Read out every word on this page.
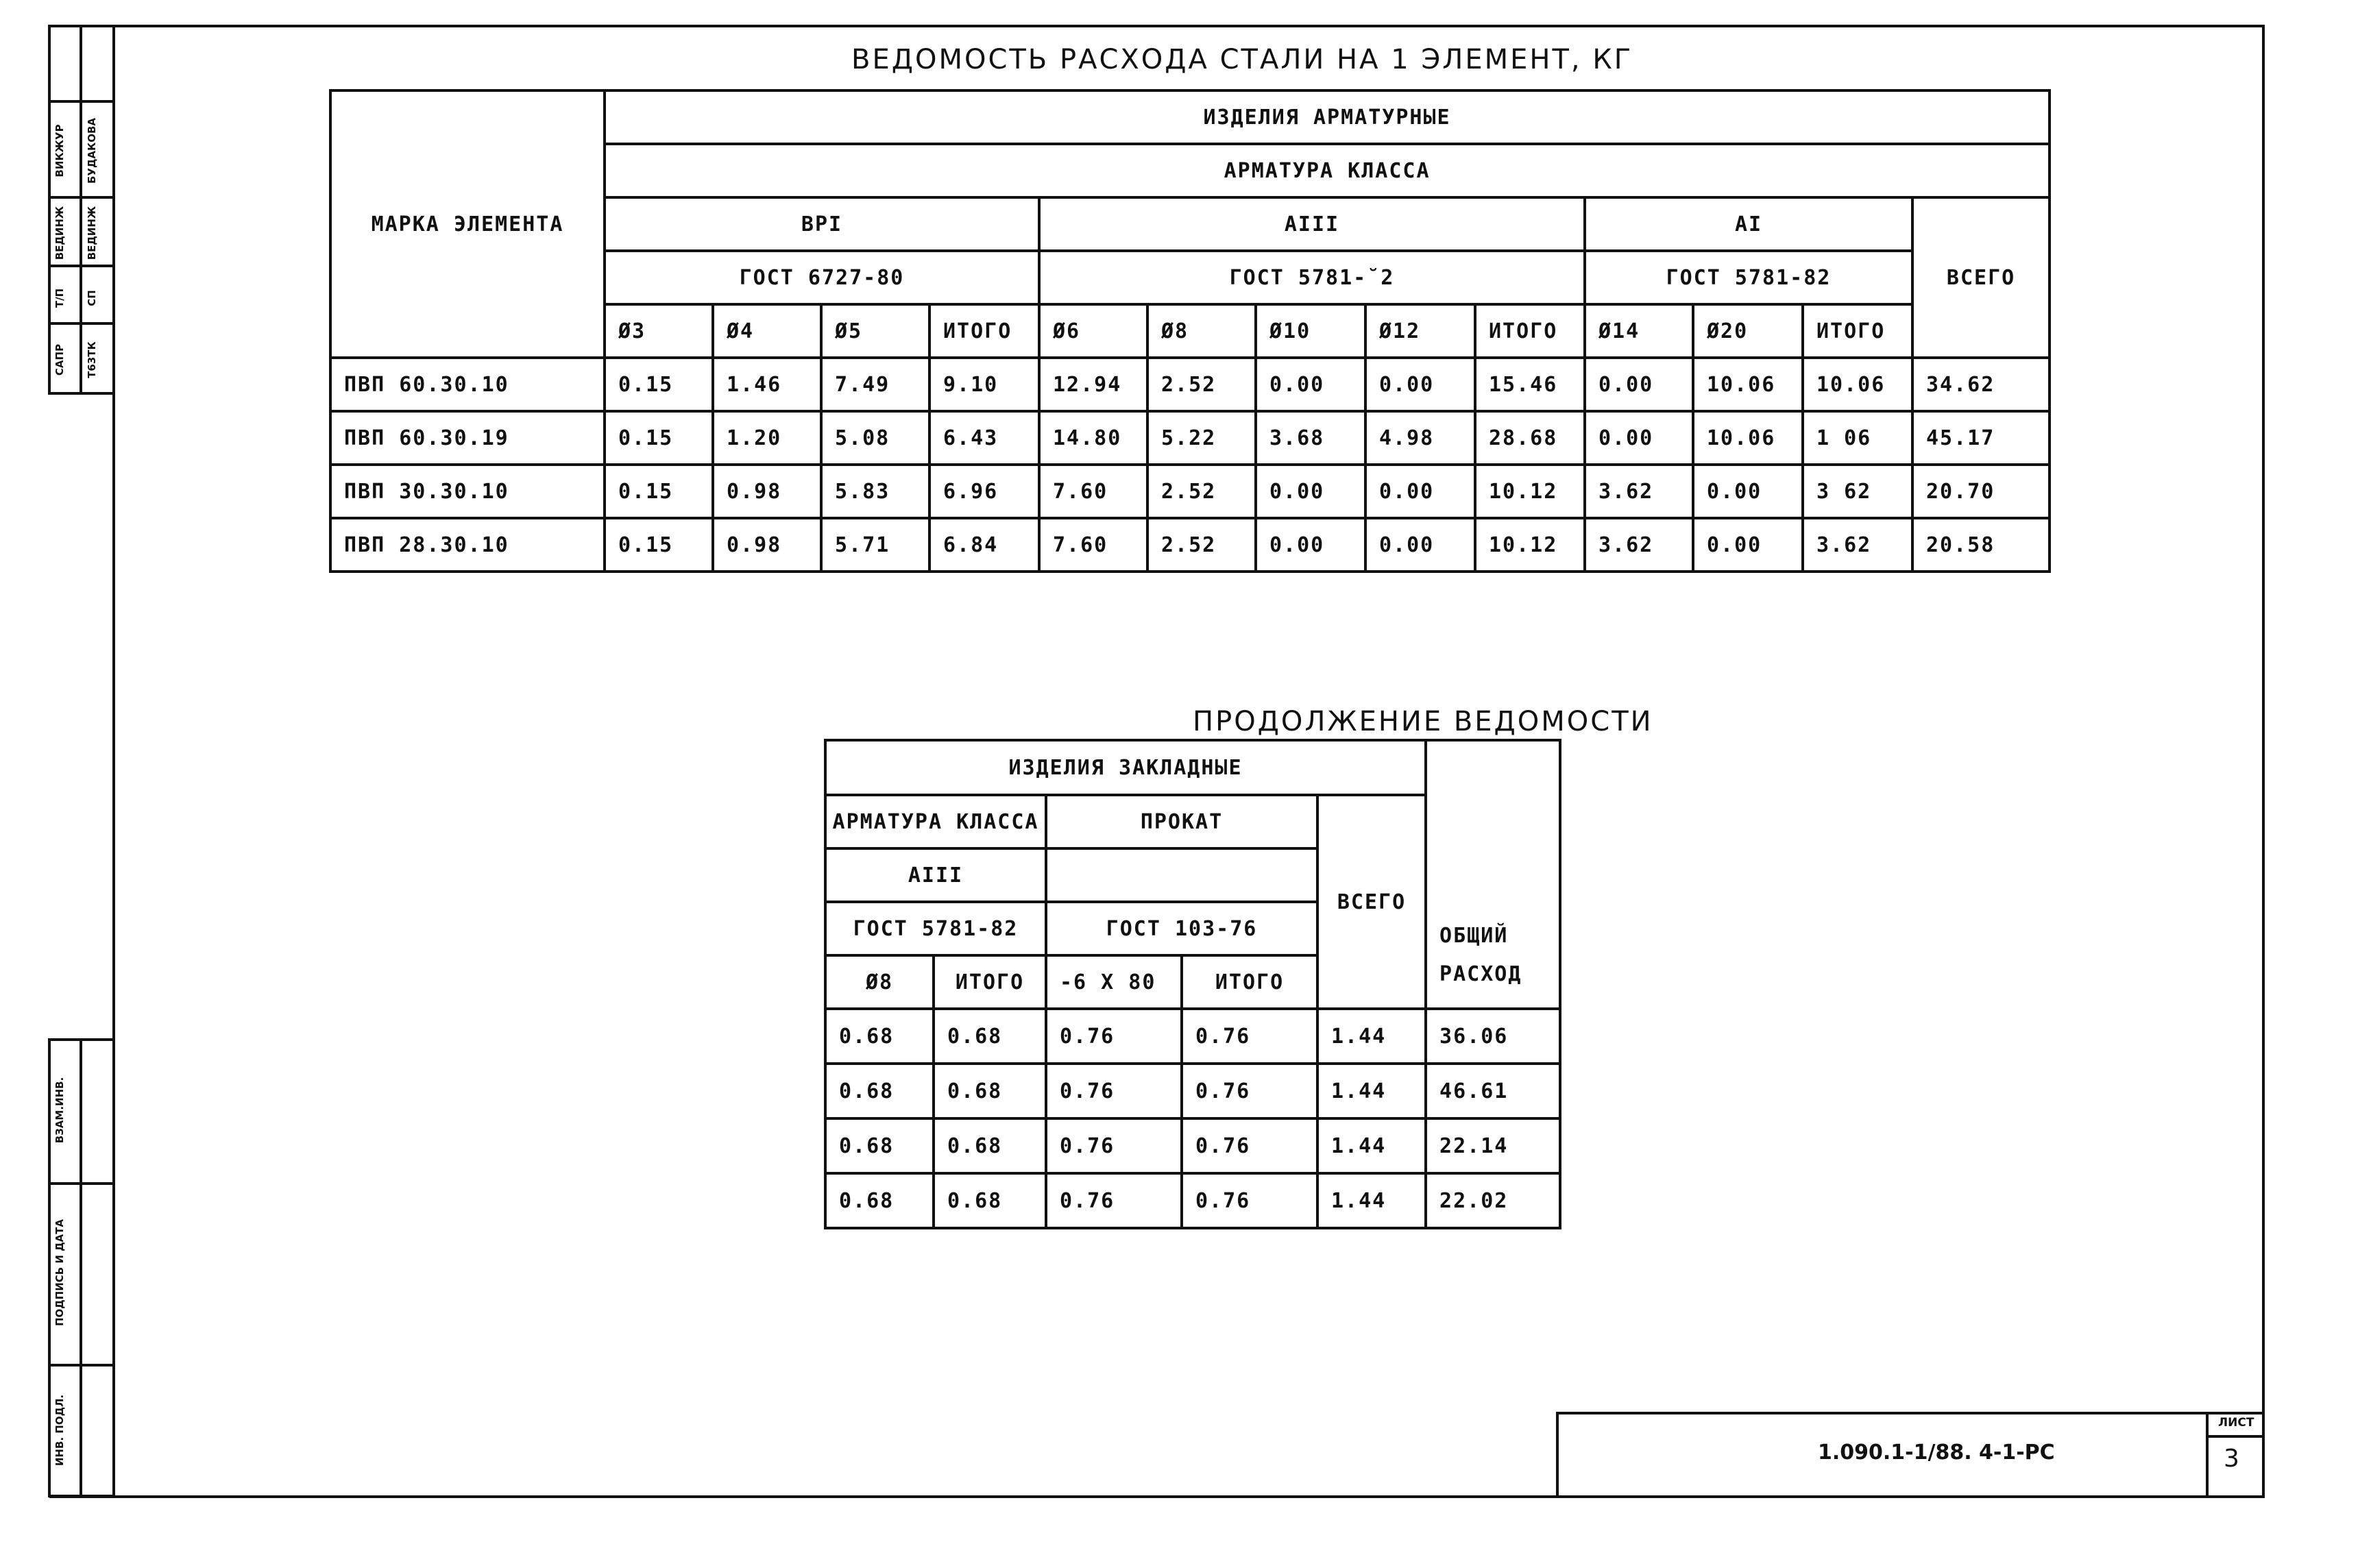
ВИКЖУР
ВЕДИНЖ
Т/П
САПР
БУДАКОВА
ВЕДИНЖ
СП
Т63ТК
ВЗАМ.ИНВ.
ПОДПИСЬ И ДАТА
ИНВ. ПОДЛ.
ВЕДОМОСТЬ РАСХОДА СТАЛИ НА 1 ЭЛЕМЕНТ, КГ
МАРКА ЭЛЕМЕНТА	ИЗДЕЛИЯ АРМАТУРНЫЕ												
	АРМАТУРА КЛАССА												
	ВРI				AIII					AI			ВСЕГО
	ГОСТ 6727-80				ГОСТ 5781-˘2					ГОСТ 5781-82			
	Ø3	Ø4	Ø5	ИТОГО	Ø6	Ø8	Ø10	Ø12	ИТОГО	Ø14	Ø20	ИТОГО	
ПВП 60.30.10	0.15	1.46	7.49	9.10	12.94	2.52	0.00	0.00	15.46	0.00	10.06	10.06	34.62
ПВП 60.30.19	0.15	1.20	5.08	6.43	14.80	5.22	3.68	4.98	28.68	0.00	10.06	1 06	45.17
ПВП 30.30.10	0.15	0.98	5.83	6.96	7.60	2.52	0.00	0.00	10.12	3.62	0.00	3 62	20.70
ПВП 28.30.10	0.15	0.98	5.71	6.84	7.60	2.52	0.00	0.00	10.12	3.62	0.00	3.62	20.58
ПРОДОЛЖЕНИЕ ВЕДОМОСТИ
ИЗДЕЛИЯ ЗАКЛАДНЫЕ					ОБЩИЙ
РАСХОД

АРМАТУРА КЛАССА		ПРОКАТ		ВСЕГО	
AIII					
ГОСТ 5781-82		ГОСТ 103-76			
Ø8	ИТОГО	-6 Х 80	ИТОГО		
0.68	0.68	0.76	0.76	1.44	36.06
0.68	0.68	0.76	0.76	1.44	46.61
0.68	0.68	0.76	0.76	1.44	22.14
0.68	0.68	0.76	0.76	1.44	22.02
1.090.1-1/88. 4-1-РС
ЛИСТ
3
